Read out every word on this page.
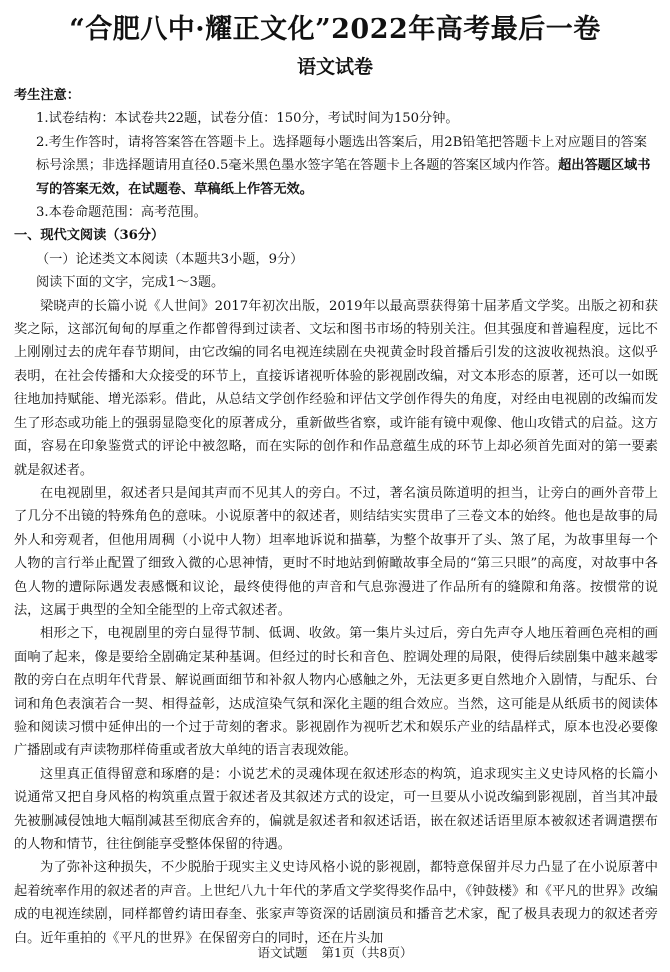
“合肥八中·耀正文化”2022年高考最后一卷
语文试卷
考生注意：
1.试卷结构：本试卷共22题，试卷分值：150分，考试时间为150分钟。
2.考生作答时，请将答案答在答题卡上。选择题每小题选出答案后，用2B铅笔把答题卡上对应题目的答案标号涂黑；非选择题请用直径0.5毫米黑色墨水签字笔在答题卡上各题的答案区域内作答。超出答题区域书写的答案无效，在试题卷、草稿纸上作答无效。
3.本卷命题范围：高考范围。
一、现代文阅读（36分）
（一）论述类文本阅读（本题共3小题，9分）
阅读下面的文字，完成1～3题。
梁晓声的长篇小说《人世间》2017年初次出版，2019年以最高票获得第十届茅盾文学奖。出版之初和获奖之际，这部沉甸甸的厚重之作都曾得到过读者、文坛和图书市场的特别关注。但其强度和普遍程度，远比不上刚刚过去的虎年春节期间，由它改编的同名电视连续剧在央视黄金时段首播后引发的这波收视热浪。这似乎表明，在社会传播和大众接受的环节上，直接诉诸视听体验的影视剧改编，对文本形态的原著，还可以一如既往地加持赋能、增光添彩。借此，从总结文学创作经验和评估文学创作得失的角度，对经由电视剧的改编而发生了形态或功能上的强弱显隐变化的原著成分，重新做些省察，或许能有镜中观像、他山攻错式的启益。这方面，容易在印象鉴赏式的评论中被忽略，而在实际的创作和作品意蕴生成的环节上却必须首先面对的第一要素就是叙述者。
在电视剧里，叙述者只是闻其声而不见其人的旁白。不过，著名演员陈道明的担当，让旁白的画外音带上了几分不出镜的特殊角色的意味。小说原著中的叙述者，则结结实实贯串了三卷文本的始终。他也是故事的局外人和旁观者，但他用周稠（小说中人物）坦率地诉说和描摹，为整个故事开了头、煞了尾，为故事里每一个人物的言行举止配置了细致入微的心思神情，更时不时地站到俯瞰故事全局的“第三只眼”的高度，对故事中各色人物的遭际际遇发表感慨和议论，最终使得他的声音和气息弥漫进了作品所有的缝隙和角落。按惯常的说法，这属于典型的全知全能型的上帝式叙述者。
相形之下，电视剧里的旁白显得节制、低调、收敛。第一集片头过后，旁白先声夺人地压着画色亮相的画面响了起来，像是要给全剧确定某种基调。但经过的时长和音色、腔调处理的局限，使得后续剧集中越来越零散的旁白在点明年代背景、解说画面细节和补叙人物内心感触之外，无法更多更自然地介入剧情，与配乐、台词和角色表演若合一契、相得益彰，达成渲染气氛和深化主题的组合效应。当然，这可能是从纸质书的阅读体验和阅读习惯中延伸出的一个过于苛刻的奢求。影视剧作为视听艺术和娱乐产业的结晶样式，原本也没必要像广播剧或有声读物那样倚重或者放大单纯的语言表现效能。
这里真正值得留意和琢磨的是：小说艺术的灵魂体现在叙述形态的构筑，追求现实主义史诗风格的长篇小说通常又把自身风格的构筑重点置于叙述者及其叙述方式的设定，可一旦要从小说改编到影视剧，首当其冲最先被删减侵蚀地大幅削减甚至彻底舍弃的，偏就是叙述者和叙述话语，嵌在叙述话语里原本被叙述者调遣摆布的人物和情节，往往倒能享受整体保留的待遇。
为了弥补这种损失，不少脱胎于现实主义史诗风格小说的影视剧，都特意保留并尽力凸显了在小说原著中起着统率作用的叙述者的声音。上世纪八九十年代的茅盾文学奖得奖作品中，《钟鼓楼》和《平凡的世界》改编成的电视连续剧，同样都曾约请田春奎、张家声等资深的话剧演员和播音艺术家，配了极具表现力的叙述者旁白。近年重拍的《平凡的世界》在保留旁白的同时，还在片头加
语文试题 第1页（共8页）
